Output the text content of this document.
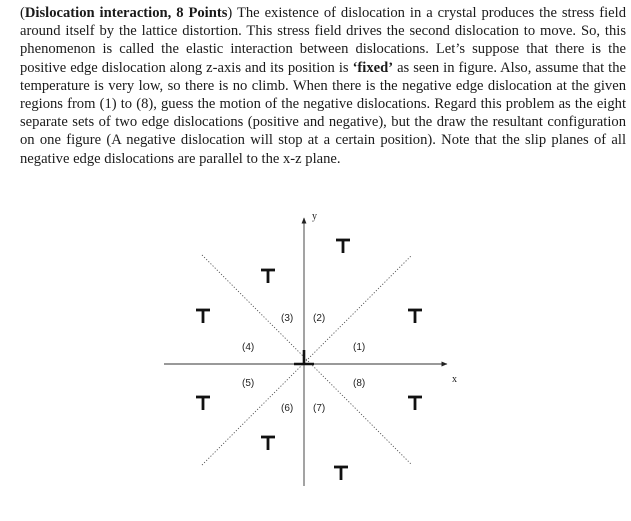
(Dislocation interaction, 8 Points) The existence of dislocation in a crystal produces the stress field around itself by the lattice distortion. This stress field drives the second dislocation to move. So, this phenomenon is called the elastic interaction between dislocations. Let’s suppose that there is the positive edge dislocation along z-axis and its position is ‘fixed’ as seen in figure. Also, assume that the temperature is very low, so there is no climb. When there is the negative edge dislocation at the given regions from (1) to (8), guess the motion of the negative dislocations. Regard this problem as the eight separate sets of two edge dislocations (positive and negative), but the draw the resultant configuration on one figure (A negative dislocation will stop at a certain position). Note that the slip planes of all negative edge dislocations are parallel to the x-z plane.

x
y
(1)
(2)
(3)
(4)
(5)
(6) (7)
(8)
